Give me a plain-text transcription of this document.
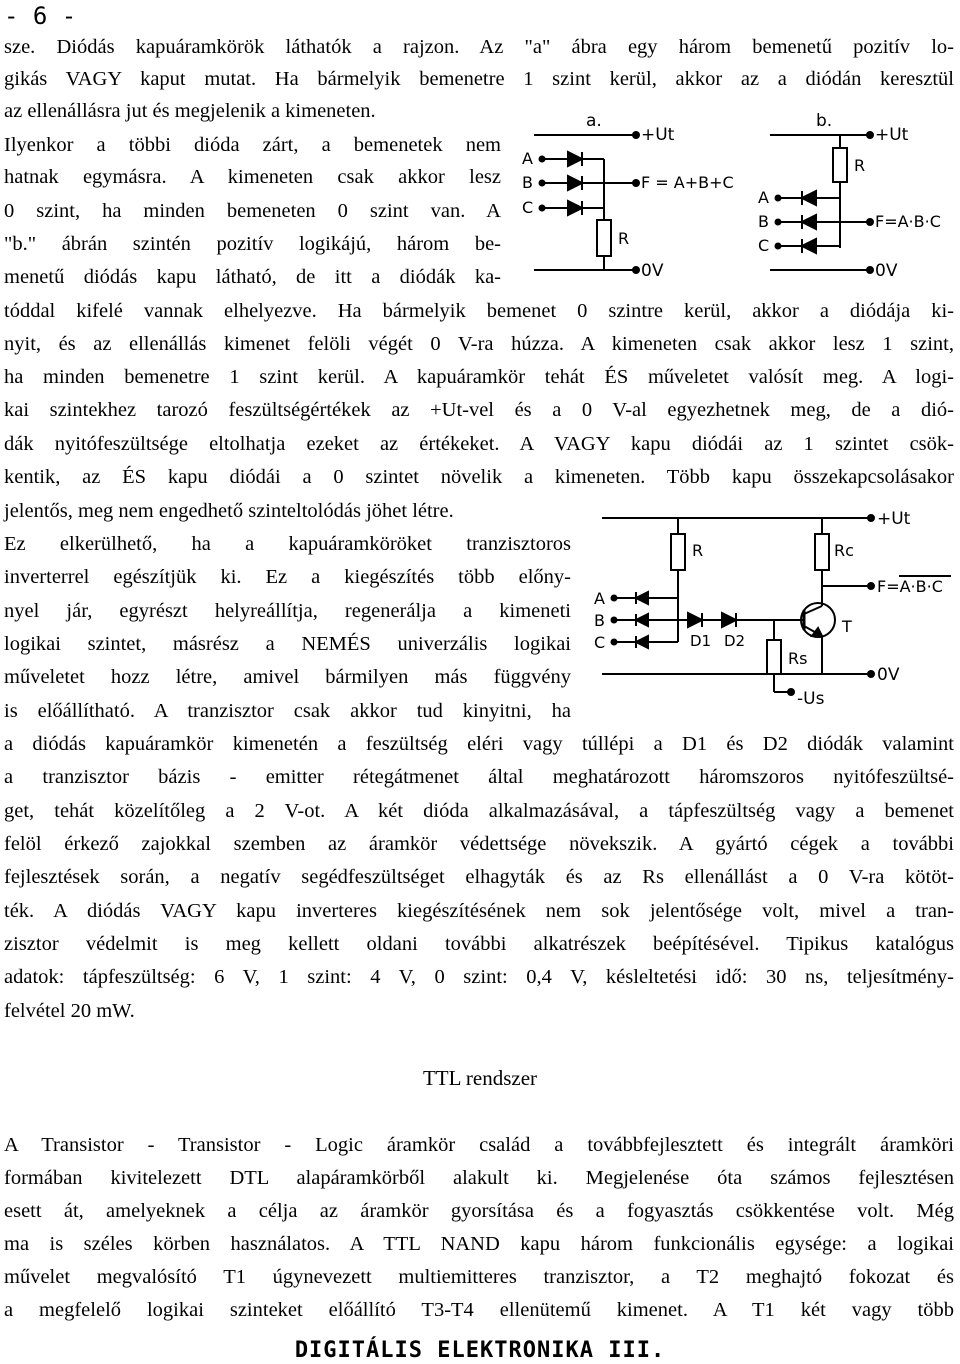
- 6 -
sze. Diódás kapuáramkörök láthatók a rajzon. Az "a" ábra egy három bemenetű pozitív lo-
gikás VAGY kaput mutat. Ha bármelyik bemenetre 1 szint kerül, akkor az a diódán keresztül
az ellenállásra jut és megjelenik a kimeneten.
Ilyenkor a többi dióda zárt, a bemenetek nem
hatnak egymásra. A kimeneten csak akkor lesz
0 szint, ha minden bemeneten 0 szint van. A
"b." ábrán szintén pozitív logikájú, három be-
menetű diódás kapu látható, de itt a diódák ka-
tóddal kifelé vannak elhelyezve. Ha bármelyik bemenet 0 szintre kerül, akkor a diódája ki-
nyit, és az ellenállás kimenet felöli végét 0 V-ra húzza. A kimeneten csak akkor lesz 1 szint,
ha minden bemenetre 1 szint kerül. A kapuáramkör tehát ÉS műveletet valósít meg. A logi-
kai szintekhez tarozó feszültségértékek az +Ut-vel és a 0 V-al egyezhetnek meg, de a dió-
dák nyitófeszültsége eltolhatja ezeket az értékeket. A VAGY kapu diódái az 1 szintet csök-
kentik, az ÉS kapu diódái a 0 szintet növelik a kimeneten. Több kapu összekapcsolásakor
jelentős, meg nem engedhető szinteltolódás jöhet létre.
Ez elkerülhető, ha a kapuáramköröket tranzisztoros
inverterrel egészítjük ki. Ez a kiegészítés több előny-
nyel jár, egyrészt helyreállítja, regenerálja a kimeneti
logikai szintet, másrész a NEMÉS univerzális logikai
műveletet hozz létre, amivel bármilyen más függvény
is előállítható. A tranzisztor csak akkor tud kinyitni, ha
a diódás kapuáramkör kimenetén a feszültség eléri vagy túllépi a D1 és D2 diódák valamint
a tranzisztor bázis - emitter rétegátmenet által meghatározott háromszoros nyitófeszültsé-
get, tehát közelítőleg a 2 V-ot. A két dióda alkalmazásával, a tápfeszültség vagy a bemenet
felöl érkező zajokkal szemben az áramkör védettsége növekszik. A gyártó cégek a további
fejlesztések során, a negatív segédfeszültséget elhagyták és az Rs ellenállást a 0 V-ra kötöt-
ték. A diódás VAGY kapu inverteres kiegészítésének nem sok jelentősége volt, mivel a tran-
zisztor védelmit is meg kellett oldani további alkatrészek beépítésével. Tipikus katalógus
adatok: tápfeszültség: 6 V, 1 szint: 4 V, 0 szint: 0,4 V, késleltetési idő: 30 ns, teljesítmény-
felvétel 20 mW.
TTL rendszer
A Transistor - Transistor - Logic áramkör család a továbbfejlesztett és integrált áramköri
formában kivitelezett DTL alapáramkörből alakult ki. Megjelenése óta számos fejlesztésen
esett át, amelyeknek a célja az áramkör gyorsítása és a fogyasztás csökkentése volt. Még
ma is széles körben használatos. A TTL NAND kapu három funkcionális egysége: a logikai
művelet megvalósító T1 úgynevezett multiemitteres tranzisztor, a T2 meghajtó fokozat és
a megfelelő logikai szinteket előállító T3-T4 ellenütemű kimenet. A T1 két vagy több
DIGITÁLIS ELEKTRONIKA III.
a.
+Ut
A
B
C
F = A+B+C
R
0V
b.
+Ut
R
A
B
C
F=A·B·C
0V
+Ut
R	Rc
F=A·B·C
A
B
C	D1 D2
Rs
-Us
T
0V
